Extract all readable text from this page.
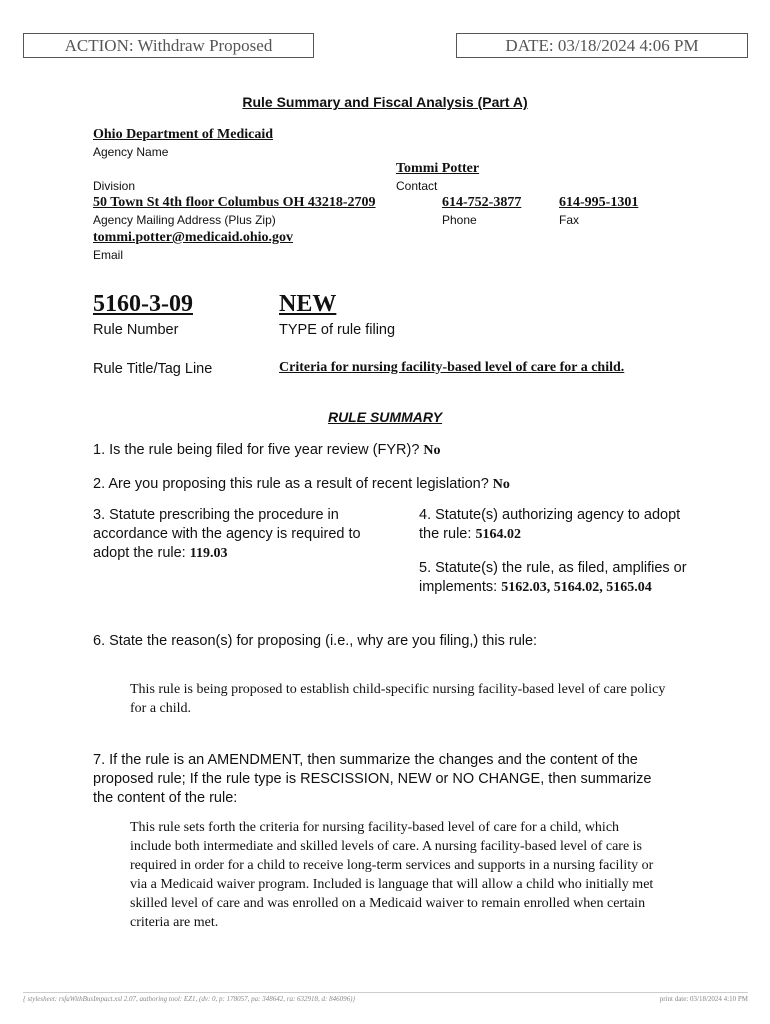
ACTION: Withdraw Proposed	DATE: 03/18/2024 4:06 PM
Rule Summary and Fiscal Analysis (Part A)
Ohio Department of Medicaid
Agency Name
Tommi Potter
Division	Contact
50 Town St 4th floor Columbus OH 43218-2709	614-752-3877	614-995-1301
Agency Mailing Address (Plus Zip)	Phone	Fax
tommi.potter@medicaid.ohio.gov
Email
5160-3-09	NEW
Rule Number	TYPE of rule filing
Rule Title/Tag Line	Criteria for nursing facility-based level of care for a child.
RULE SUMMARY
1. Is the rule being filed for five year review (FYR)? No
2. Are you proposing this rule as a result of recent legislation? No
3. Statute prescribing the procedure in accordance with the agency is required to adopt the rule: 119.03
4. Statute(s) authorizing agency to adopt the rule: 5164.02
5. Statute(s) the rule, as filed, amplifies or implements: 5162.03, 5164.02, 5165.04
6. State the reason(s) for proposing (i.e., why are you filing,) this rule:
This rule is being proposed to establish child-specific nursing facility-based level of care policy for a child.
7. If the rule is an AMENDMENT, then summarize the changes and the content of the proposed rule; If the rule type is RESCISSION, NEW or NO CHANGE, then summarize the content of the rule:
This rule sets forth the criteria for nursing facility-based level of care for a child, which include both intermediate and skilled levels of care. A nursing facility-based level of care is required in order for a child to receive long-term services and supports in a nursing facility or via a Medicaid waiver program. Included is language that will allow a child who initially met skilled level of care and was enrolled on a Medicaid waiver to remain enrolled when certain criteria are met.
{ stylesheet: rsfaWithBusImpact.xsl 2.07, authoring tool: EZ1, (dv: 0, p: 178057, pa: 348642, ra: 632918, d: 846096)}	print date: 03/18/2024 4:10 PM
